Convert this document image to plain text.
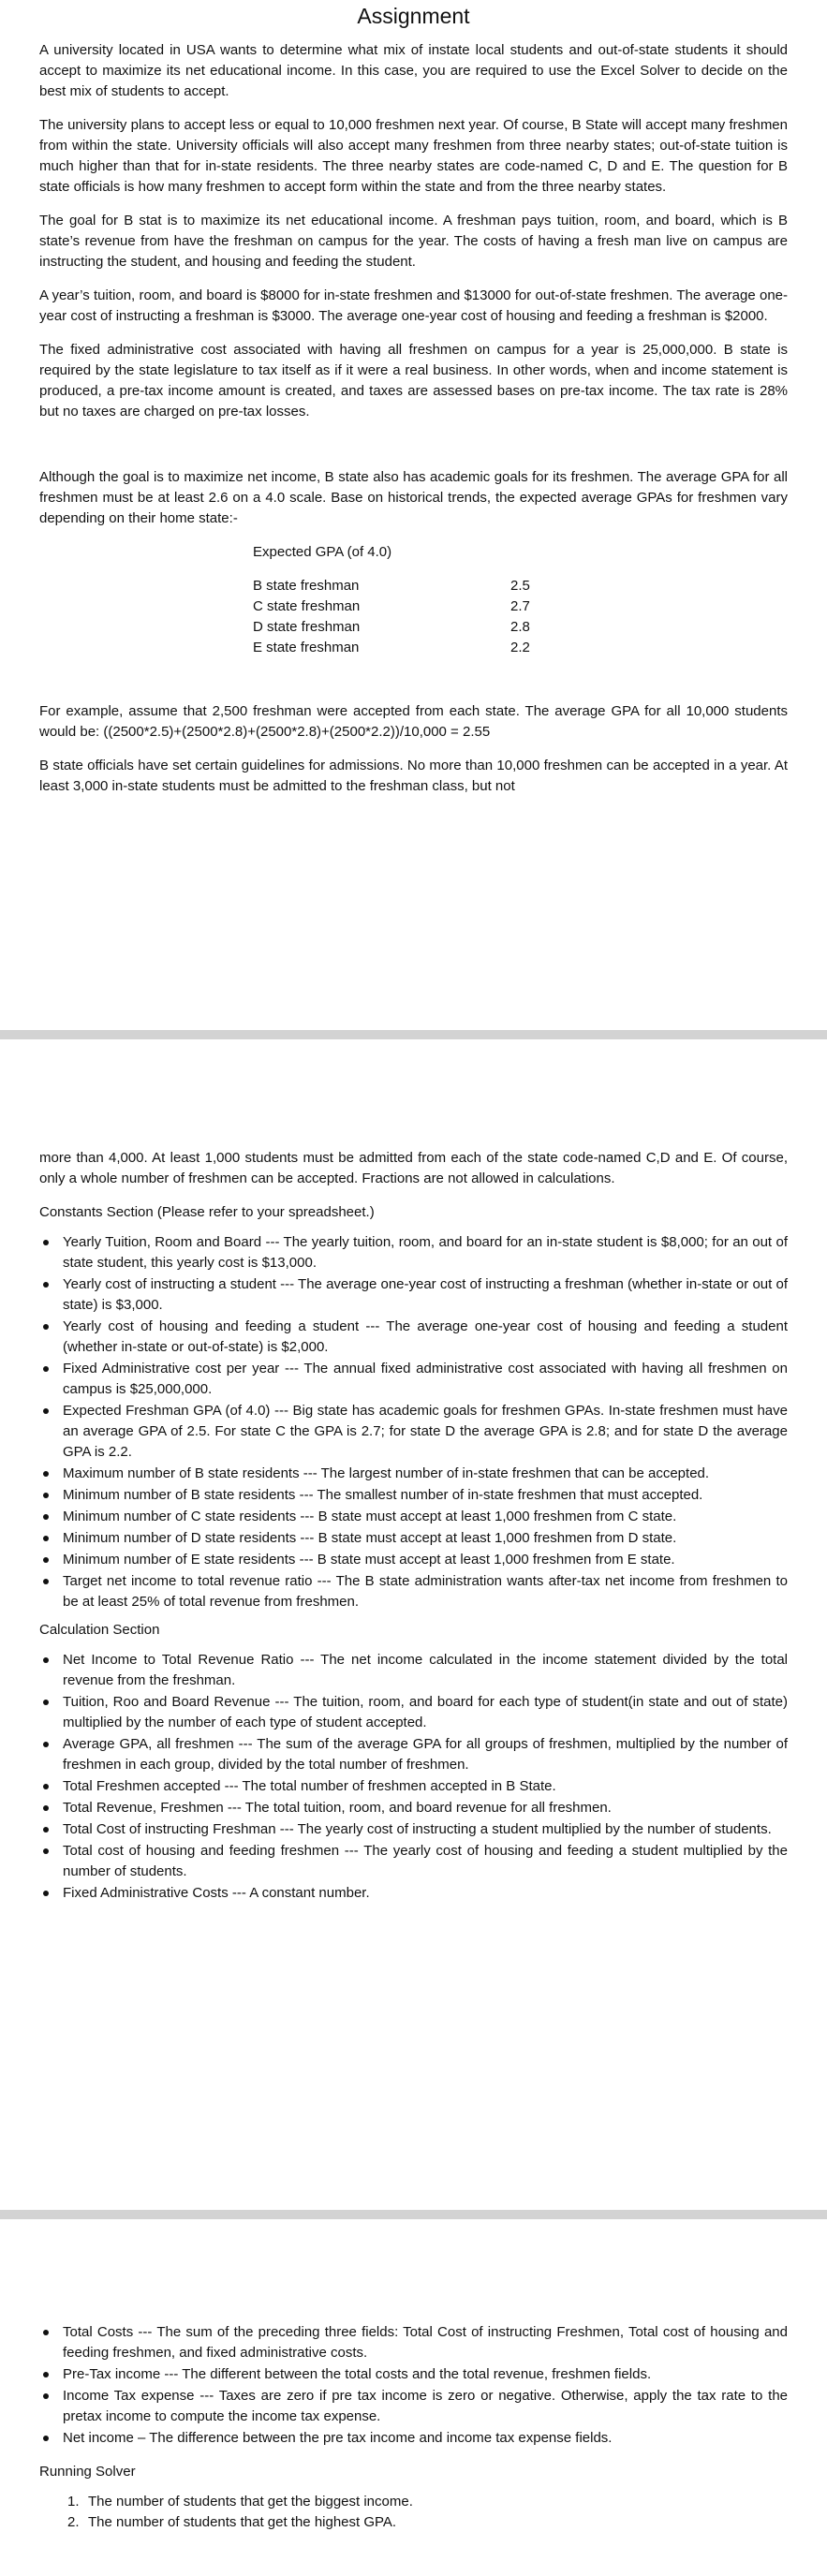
Assignment

A university located in USA wants to determine what mix of instate local students and out-of-state students it should accept to maximize its net educational income. In this case, you are required to use the Excel Solver to decide on the best mix of students to accept.

The university plans to accept less or equal to 10,000 freshmen next year. Of course, B State will accept many freshmen from within the state. University officials will also accept many freshmen from three nearby states; out-of-state tuition is much higher than that for in-state residents. The three nearby states are code-named C, D and E. The question for B state officials is how many freshmen to accept form within the state and from the three nearby states.

The goal for B stat is to maximize its net educational income. A freshman pays tuition, room, and board, which is B state’s revenue from have the freshman on campus for the year. The costs of having a fresh man live on campus are instructing the student, and housing and feeding the student.

A year’s tuition, room, and board is $8000 for in-state freshmen and $13000 for out-of-state freshmen. The average one-year cost of instructing a freshman is $3000. The average one-year cost of housing and feeding a freshman is $2000.

The fixed administrative cost associated with having all freshmen on campus for a year is 25,000,000. B state is required by the state legislature to tax itself as if it were a real business. In other words, when and income statement is produced, a pre-tax income amount is created, and taxes are assessed bases on pre-tax income. The tax rate is 28% but no taxes are charged on pre-tax losses.

Although the goal is to maximize net income, B state also has academic goals for its freshmen. The average GPA for all freshmen must be at least 2.6 on a 4.0 scale. Base on historical trends, the expected average GPAs for freshmen vary depending on their home state:-

Expected GPA (of 4.0)
B state freshman	2.5
C state freshman	2.7
D state freshman	2.8
E state freshman	2.2

For example, assume that 2,500 freshman were accepted from each state. The average GPA for all 10,000 students would be: ((2500*2.5)+(2500*2.8)+(2500*2.8)+(2500*2.2))/10,000 = 2.55

B state officials have set certain guidelines for admissions. No more than 10,000 freshmen can be accepted in a year. At least 3,000 in-state students must be admitted to the freshman class, but not

more than 4,000. At least 1,000 students must be admitted from each of the state code-named C,D and E. Of course, only a whole number of freshmen can be accepted. Fractions are not allowed in calculations.

Constants Section (Please refer to your spreadsheet.)
Yearly Tuition, Room and Board --- The yearly tuition, room, and board for an in-state student is $8,000; for an out of state student, this yearly cost is $13,000.
Yearly cost of instructing a student --- The average one-year cost of instructing a freshman (whether in-state or out of state) is $3,000.
Yearly cost of housing and feeding a student --- The average one-year cost of housing and feeding a student (whether in-state or out-of-state) is $2,000.
Fixed Administrative cost per year --- The annual fixed administrative cost associated with having all freshmen on campus is $25,000,000.
Expected Freshman GPA (of 4.0) --- Big state has academic goals for freshmen GPAs. In-state freshmen must have an average GPA of 2.5. For state C the GPA is 2.7; for state D the average GPA is 2.8; and for state D the average GPA is 2.2.
Maximum number of B state residents --- The largest number of in-state freshmen that can be accepted.
Minimum number of B state residents --- The smallest number of in-state freshmen that must accepted.
Minimum number of C state residents --- B state must accept at least 1,000 freshmen from C state.
Minimum number of D state residents --- B state must accept at least 1,000 freshmen from D state.
Minimum number of E state residents --- B state must accept at least 1,000 freshmen from E state.
Target net income to total revenue ratio --- The B state administration wants after-tax net income from freshmen to be at least 25% of total revenue from freshmen.
Calculation Section
Net Income to Total Revenue Ratio --- The net income calculated in the income statement divided by the total revenue from the freshman.
Tuition, Roo and Board Revenue --- The tuition, room, and board for each type of student(in state and out of state) multiplied by the number of each type of student accepted.
Average GPA, all freshmen --- The sum of the average GPA for all groups of freshmen, multiplied by the number of freshmen in each group, divided by the total number of freshmen.
Total Freshmen accepted --- The total number of freshmen accepted in B State.
Total Revenue, Freshmen --- The total tuition, room, and board revenue for all freshmen.
Total Cost of instructing Freshman --- The yearly cost of instructing a student multiplied by the number of students.
Total cost of housing and feeding freshmen --- The yearly cost of housing and feeding a student multiplied by the number of students.
Fixed Administrative Costs --- A constant number.
Total Costs --- The sum of the preceding three fields: Total Cost of instructing Freshmen, Total cost of housing and feeding freshmen, and fixed administrative costs.
Pre-Tax income --- The different between the total costs and the total revenue, freshmen fields.
Income Tax expense --- Taxes are zero if pre tax income is zero or negative. Otherwise, apply the tax rate to the pretax income to compute the income tax expense.
Net income – The difference between the pre tax income and income tax expense fields.
Running Solver
1. The number of students that get the biggest income.
2. The number of students that get the highest GPA.
